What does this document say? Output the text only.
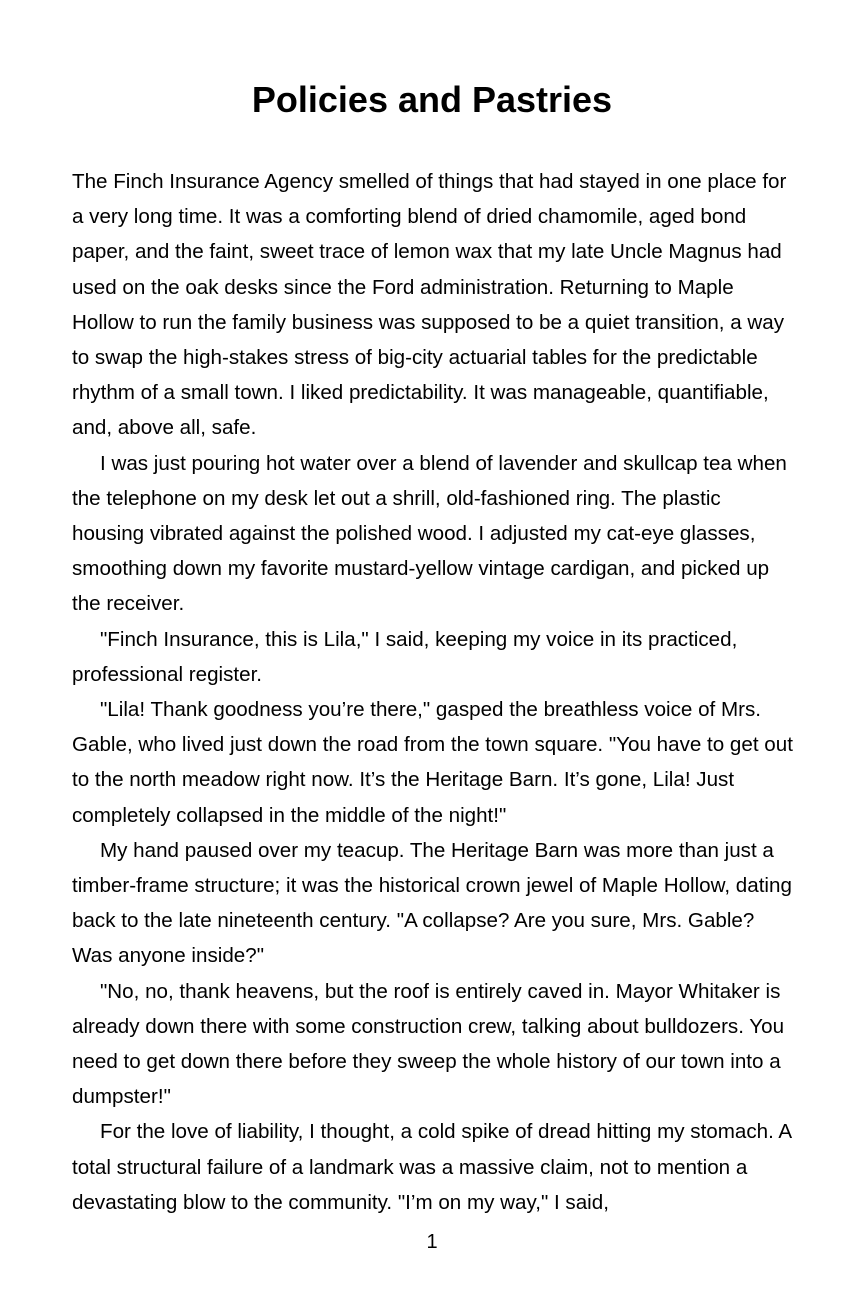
Policies and Pastries

The Finch Insurance Agency smelled of things that had stayed in one place for a very long time. It was a comforting blend of dried chamomile, aged bond paper, and the faint, sweet trace of lemon wax that my late Uncle Magnus had used on the oak desks since the Ford administration. Returning to Maple Hollow to run the family business was supposed to be a quiet transition, a way to swap the high-stakes stress of big-city actuarial tables for the predictable rhythm of a small town. I liked predictability. It was manageable, quantifiable, and, above all, safe.

I was just pouring hot water over a blend of lavender and skullcap tea when the telephone on my desk let out a shrill, old-fashioned ring. The plastic housing vibrated against the polished wood. I adjusted my cat-eye glasses, smoothing down my favorite mustard-yellow vintage cardigan, and picked up the receiver.

"Finch Insurance, this is Lila," I said, keeping my voice in its practiced, professional register.

"Lila! Thank goodness you’re there," gasped the breathless voice of Mrs. Gable, who lived just down the road from the town square. "You have to get out to the north meadow right now. It’s the Heritage Barn. It’s gone, Lila! Just completely collapsed in the middle of the night!"

My hand paused over my teacup. The Heritage Barn was more than just a timber-frame structure; it was the historical crown jewel of Maple Hollow, dating back to the late nineteenth century. "A collapse? Are you sure, Mrs. Gable? Was anyone inside?"

"No, no, thank heavens, but the roof is entirely caved in. Mayor Whitaker is already down there with some construction crew, talking about bulldozers. You need to get down there before they sweep the whole history of our town into a dumpster!"

For the love of liability, I thought, a cold spike of dread hitting my stomach. A total structural failure of a landmark was a massive claim, not to mention a devastating blow to the community. "I’m on my way," I said,

1
